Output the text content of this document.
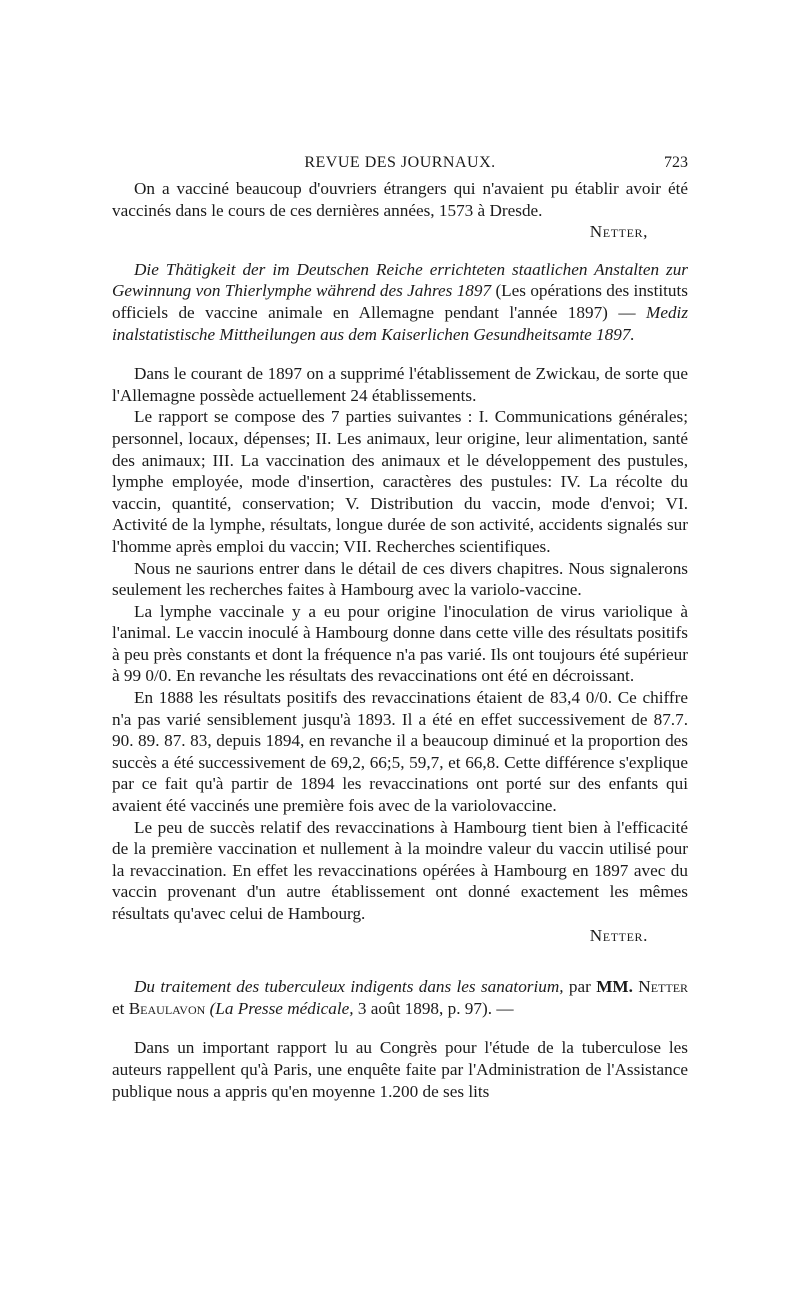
REVUE DES JOURNAUX.	723

On a vacciné beaucoup d'ouvriers étrangers qui n'avaient pu établir avoir été vaccinés dans le cours de ces dernières années, 1573 à Dresde.

Netter,

Die Thätigkeit der im Deutschen Reiche errichteten staatlichen Anstalten zur Gewinnung von Thierlymphe während des Jahres 1897 (Les opérations des instituts officiels de vaccine animale en Allemagne pendant l'année 1897) — Mediz inalstatistische Mittheilungen aus dem Kaiserlichen Gesundheitsamte 1897.

Dans le courant de 1897 on a supprimé l'établissement de Zwickau, de sorte que l'Allemagne possède actuellement 24 établissements.

Le rapport se compose des 7 parties suivantes : I. Communications générales; personnel, locaux, dépenses; II. Les animaux, leur origine, leur alimentation, santé des animaux; III. La vaccination des animaux et le développement des pustules, lymphe employée, mode d'insertion, caractères des pustules: IV. La récolte du vaccin, quantité, conservation; V. Distribution du vaccin, mode d'envoi; VI. Activité de la lymphe, résultats, longue durée de son activité, accidents signalés sur l'homme après emploi du vaccin; VII. Recherches scientifiques.

Nous ne saurions entrer dans le détail de ces divers chapitres. Nous signalerons seulement les recherches faites à Hambourg avec la variolo-vaccine.

La lymphe vaccinale y a eu pour origine l'inoculation de virus variolique à l'animal. Le vaccin inoculé à Hambourg donne dans cette ville des résultats positifs à peu près constants et dont la fréquence n'a pas varié. Ils ont toujours été supérieur à 99 0/0. En revanche les résultats des revaccinations ont été en décroissant.

En 1888 les résultats positifs des revaccinations étaient de 83,4 0/0. Ce chiffre n'a pas varié sensiblement jusqu'à 1893. Il a été en effet successivement de 87.7. 90. 89. 87. 83, depuis 1894, en revanche il a beaucoup diminué et la proportion des succès a été successivement de 69,2, 66;5, 59,7, et 66,8. Cette différence s'explique par ce fait qu'à partir de 1894 les revaccinations ont porté sur des enfants qui avaient été vaccinés une première fois avec de la variolovaccine.

Le peu de succès relatif des revaccinations à Hambourg tient bien à l'efficacité de la première vaccination et nullement à la moindre valeur du vaccin utilisé pour la revaccination. En effet les revaccinations opérées à Hambourg en 1897 avec du vaccin provenant d'un autre établissement ont donné exactement les mêmes résultats qu'avec celui de Hambourg.

Netter.

Du traitement des tuberculeux indigents dans les sanatorium, par MM. Netter et Beaulavon (La Presse médicale, 3 août 1898, p. 97). —

Dans un important rapport lu au Congrès pour l'étude de la tuberculose les auteurs rappellent qu'à Paris, une enquête faite par l'Administration de l'Assistance publique nous a appris qu'en moyenne 1.200 de ses lits
